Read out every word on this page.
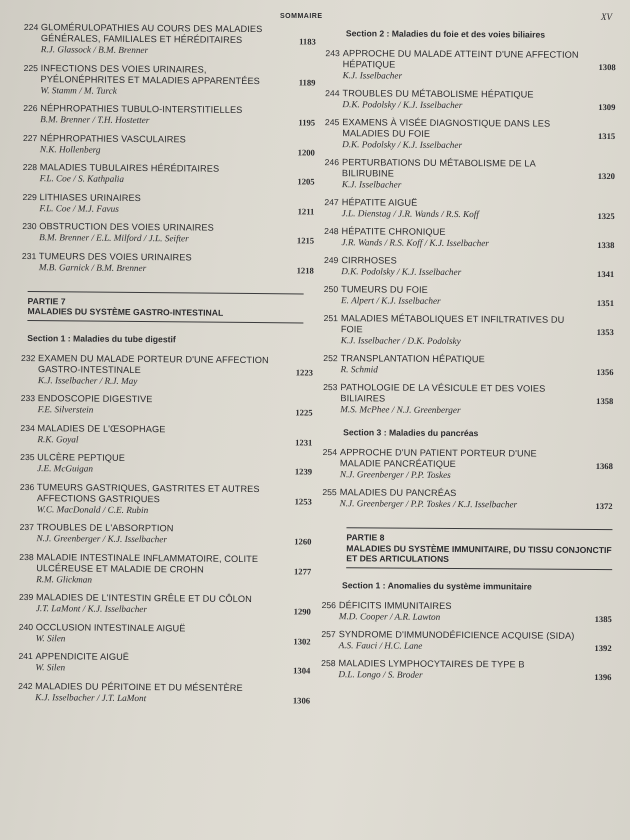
SOMMAIRE	XV
224 GLOMÉRULOPATHIES AU COURS DES MALADIES GÉNÉRALES, FAMILIALES ET HÉRÉDITAIRES
R.J. Glassock / B.M. Brenner
1183
225 INFECTIONS DES VOIES URINAIRES, PYÉLONÉPHRITES ET MALADIES APPARENTÉES
W. Stamm / M. Turck
1189
226 NÉPHROPATHIES TUBULO-INTERSTITIELLES
B.M. Brenner / T.H. Hostetter	1195
227 NÉPHROPATHIES VASCULAIRES
N.K. Hollenberg	1200
228 MALADIES TUBULAIRES HÉRÉDITAIRES
F.L. Coe / S. Kathpalia	1205
229 LITHIASES URINAIRES
F.L. Coe / M.J. Favus	1211
230 OBSTRUCTION DES VOIES URINAIRES
B.M. Brenner / E.L. Milford / J.L. Seifter	1215
231 TUMEURS DES VOIES URINAIRES
M.B. Garnick / B.M. Brenner	1218
PARTIE 7
MALADIES DU SYSTÈME GASTRO-INTESTINAL
Section 1 : Maladies du tube digestif
232 EXAMEN DU MALADE PORTEUR D'UNE AFFECTION GASTRO-INTESTINALE
K.J. Isselbacher / R.J. May
1223
233 ENDOSCOPIE DIGESTIVE
F.E. Silverstein	1225
234 MALADIES DE L'ŒSOPHAGE
R.K. Goyal	1231
235 ULCÈRE PEPTIQUE
J.E. McGuigan	1239
236 TUMEURS GASTRIQUES, GASTRITES ET AUTRES AFFECTIONS GASTRIQUES
W.C. MacDonald / C.E. Rubin
1253
237 TROUBLES DE L'ABSORPTION
N.J. Greenberger / K.J. Isselbacher	1260
238 MALADIE INTESTINALE INFLAMMATOIRE, COLITE ULCÉREUSE ET MALADIE DE CROHN
R.M. Glickman
1277
239 MALADIES DE L'INTESTIN GRÊLE ET DU CÔLON
J.T. LaMont / K.J. Isselbacher	1290
240 OCCLUSION INTESTINALE AIGUË
W. Silen	1302
241 APPENDICITE AIGUË
W. Silen	1304
242 MALADIES DU PÉRITOINE ET DU MÉSENTÈRE
K.J. Isselbacher / J.T. LaMont	1306
Section 2 : Maladies du foie et des voies biliaires
243 APPROCHE DU MALADE ATTEINT D'UNE AFFECTION HÉPATIQUE
K.J. Isselbacher
1308
244 TROUBLES DU MÉTABOLISME HÉPATIQUE
D.K. Podolsky / K.J. Isselbacher	1309
245 EXAMENS À VISÉE DIAGNOSTIQUE DANS LES MALADIES DU FOIE
D.K. Podolsky / K.J. Isselbacher
1315
246 PERTURBATIONS DU MÉTABOLISME DE LA BILIRUBINE
K.J. Isselbacher
1320
247 HÉPATITE AIGUË
J.L. Dienstag / J.R. Wands / R.S. Koff	1325
248 HÉPATITE CHRONIQUE
J.R. Wands / R.S. Koff / K.J. Isselbacher	1338
249 CIRRHOSES
D.K. Podolsky / K.J. Isselbacher	1341
250 TUMEURS DU FOIE
E. Alpert / K.J. Isselbacher	1351
251 MALADIES MÉTABOLIQUES ET INFILTRATIVES DU FOIE
K.J. Isselbacher / D.K. Podolsky
1353
252 TRANSPLANTATION HÉPATIQUE
R. Schmid	1356
253 PATHOLOGIE DE LA VÉSICULE ET DES VOIES BILIAIRES
M.S. McPhee / N.J. Greenberger
1358
Section 3 : Maladies du pancréas
254 APPROCHE D'UN PATIENT PORTEUR D'UNE MALADIE PANCRÉATIQUE
N.J. Greenberger / P.P. Toskes
1368
255 MALADIES DU PANCRÉAS
N.J. Greenberger / P.P. Toskes / K.J. Isselbacher	1372
PARTIE 8
MALADIES DU SYSTÈME IMMUNITAIRE, DU TISSU CONJONCTIF ET DES ARTICULATIONS
Section 1 : Anomalies du système immunitaire
256 DÉFICITS IMMUNITAIRES
M.D. Cooper / A.R. Lawton	1385
257 SYNDROME D'IMMUNODÉFICIENCE ACQUISE (SIDA)
A.S. Fauci / H.C. Lane	1392
258 MALADIES LYMPHOCYTAIRES DE TYPE B
D.L. Longo / S. Broder	1396
